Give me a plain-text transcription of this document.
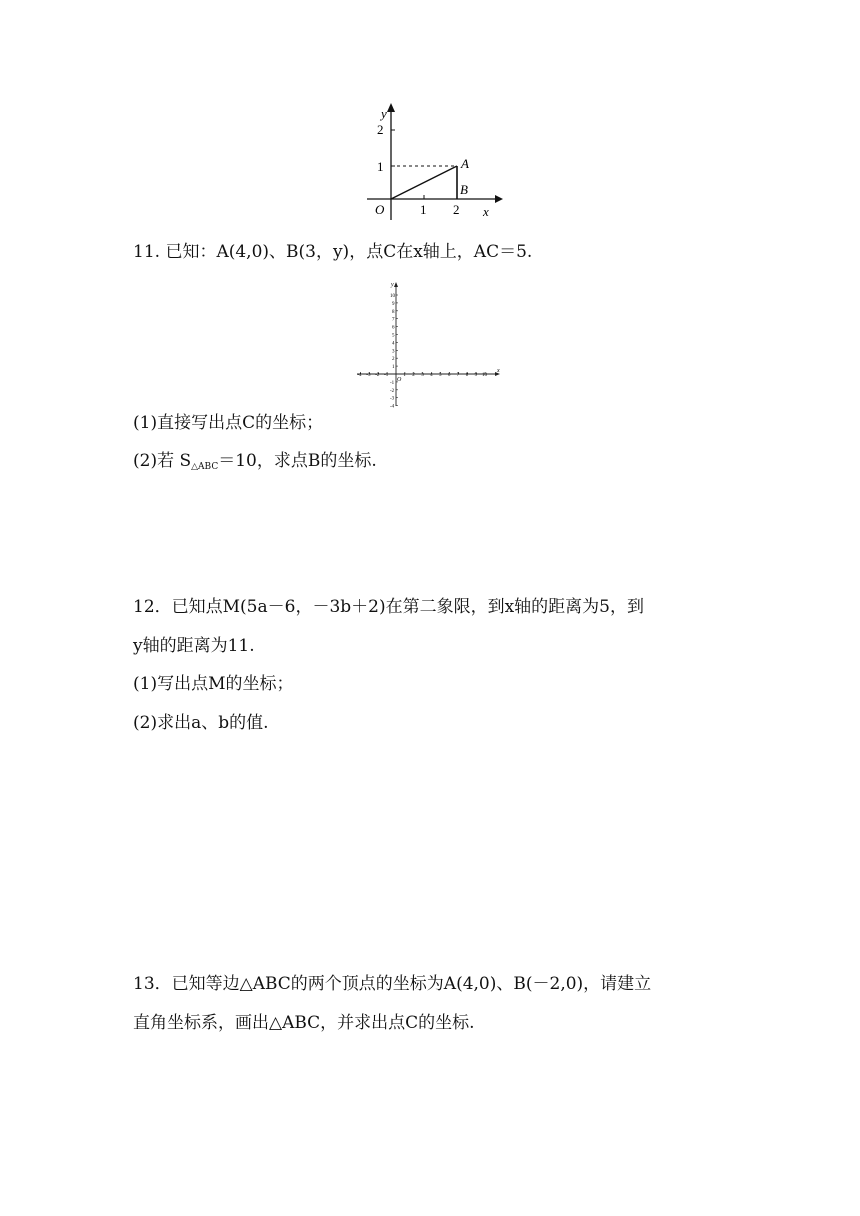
y
2
1
O	1 2 x
A
B
11. 已知：A(4,0)、B(3，y)，点C在x轴上，AC＝5.
-4 -3 -2 -1	1 2 3 4 5 6 7 8 9 10
10
9
8
7
6
5
4
3
2
1
-1
-2
-3
-4
O
x
y
(1)直接写出点C的坐标；
(2)若 $S_{\triangle ABC}=10$，求点B的坐标.
12．已知点M(5a－6，－3b＋2)在第二象限，到x轴的距离为5，到
y轴的距离为11.
(1)写出点M的坐标；
(2)求出a、b的值.
13．已知等边△ABC的两个顶点的坐标为A(4,0)、B(－2,0)，请建立
直角坐标系，画出△ABC，并求出点C的坐标.
